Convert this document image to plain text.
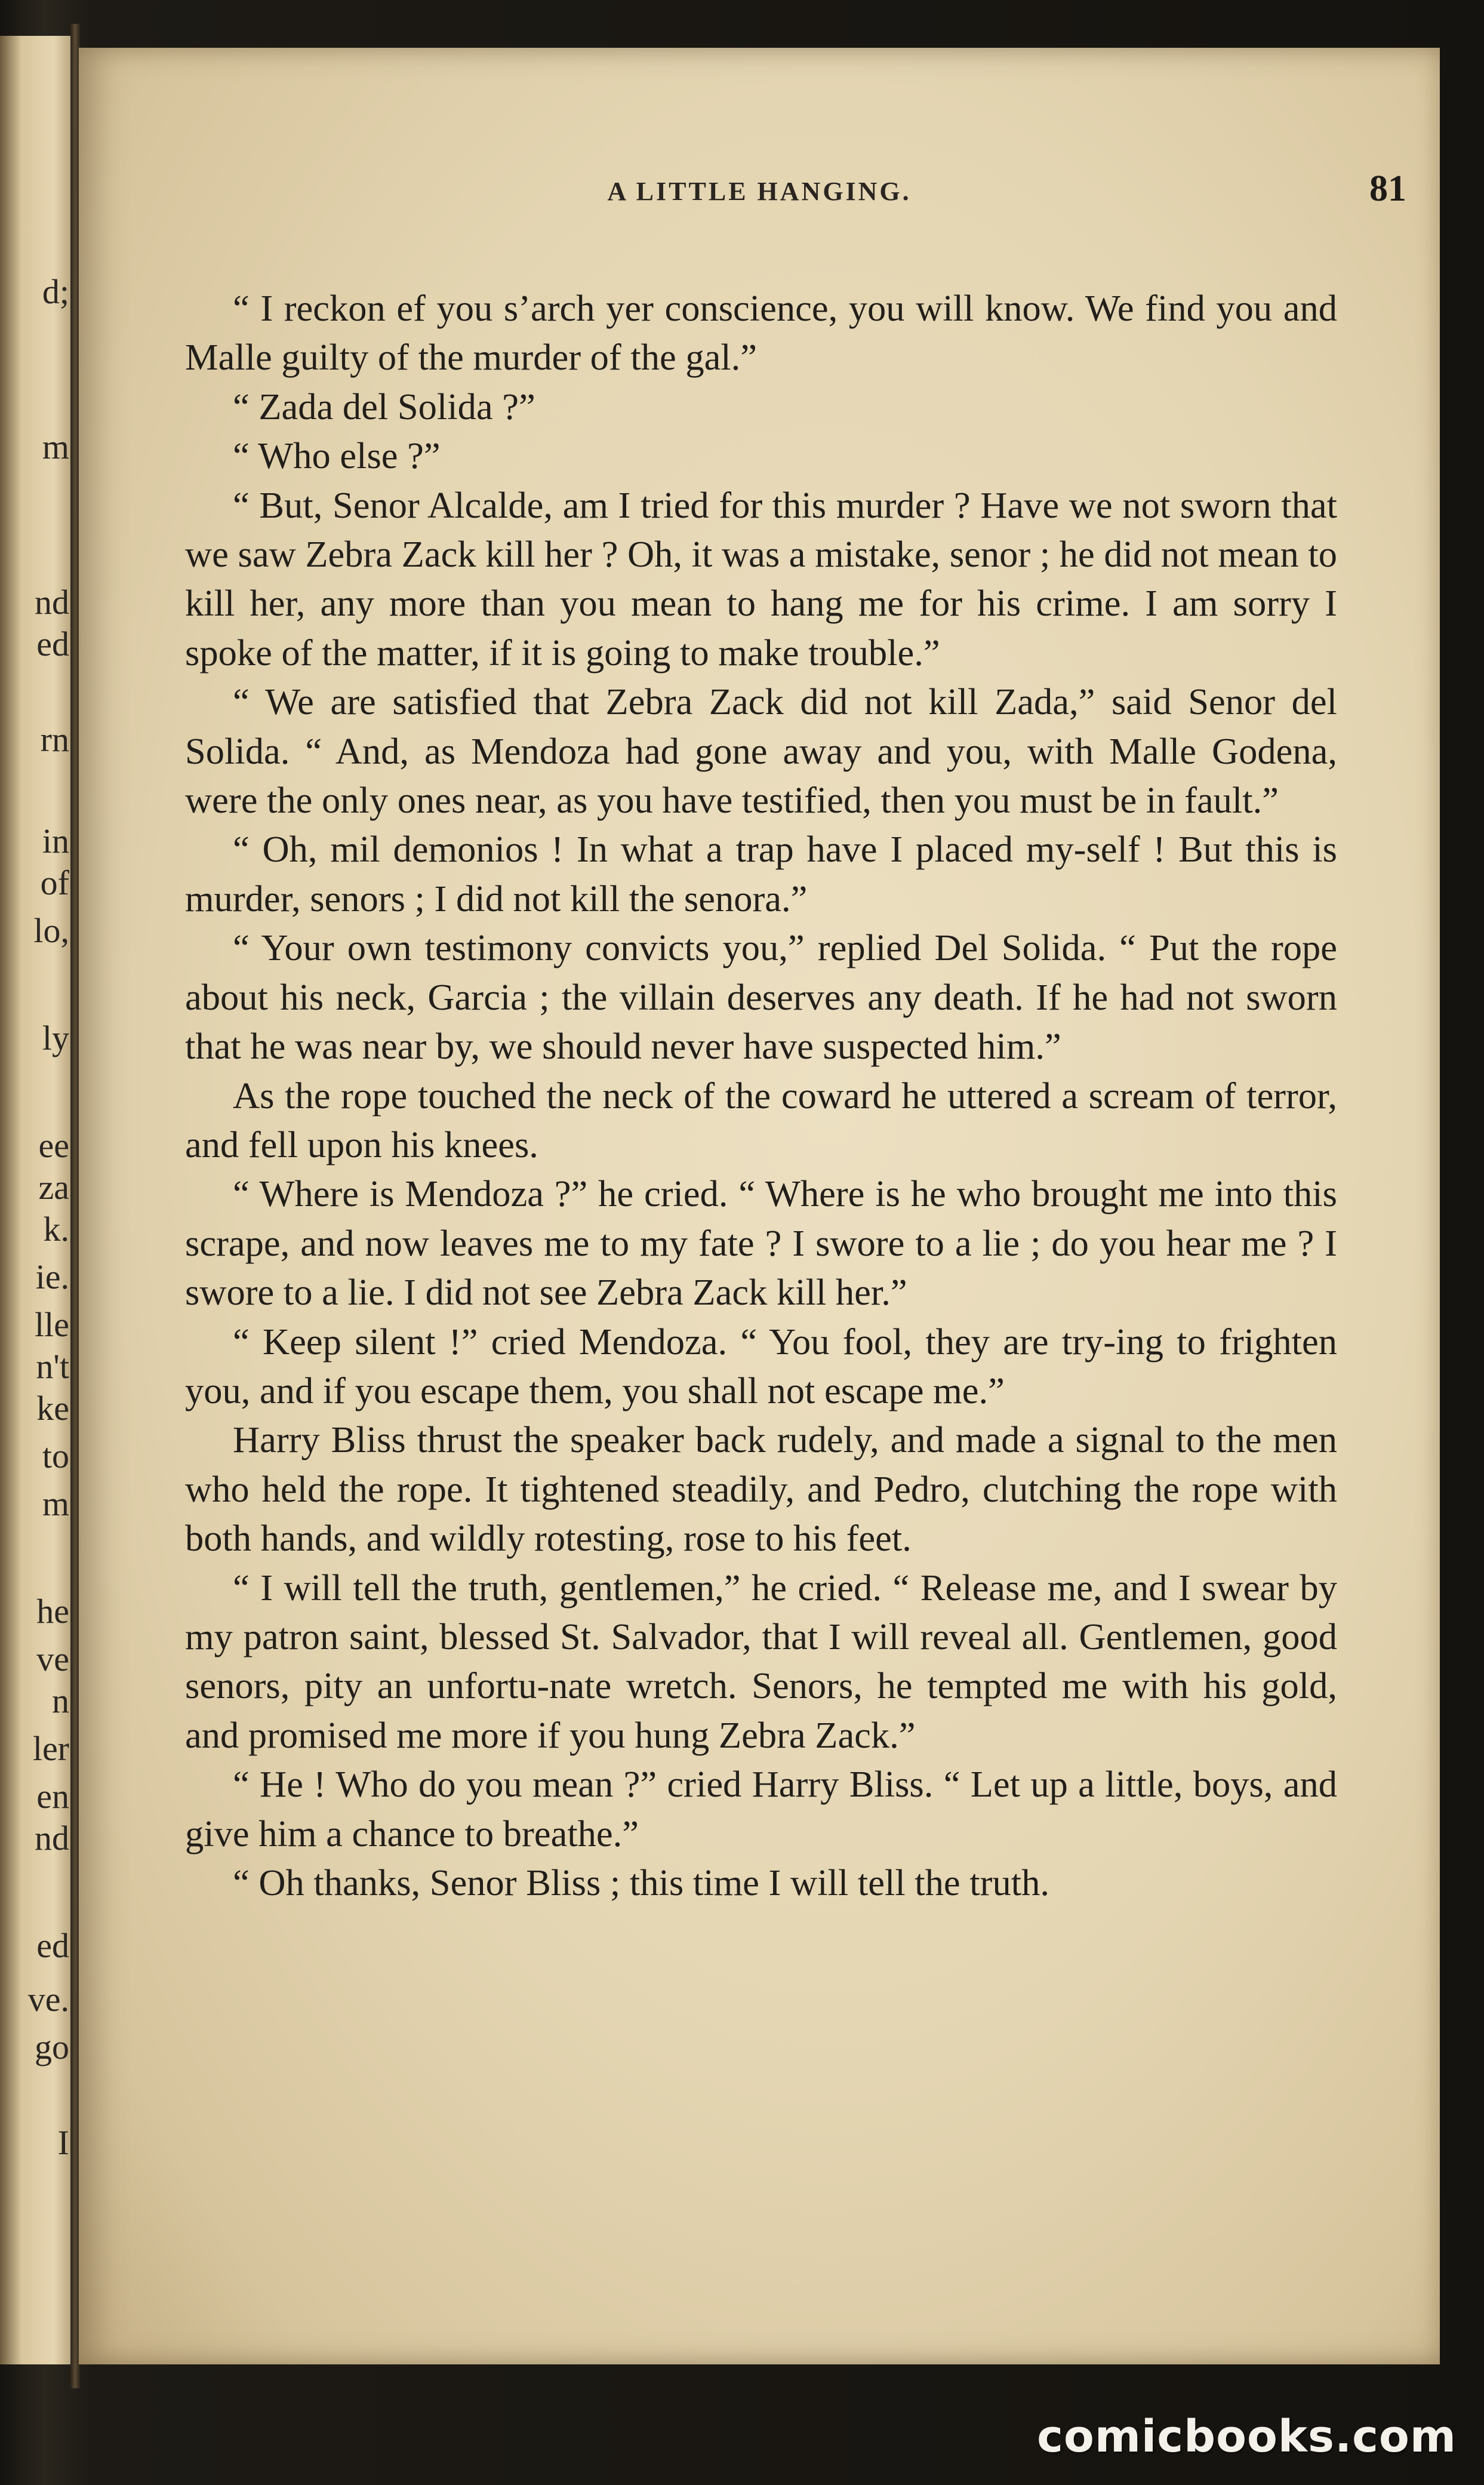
d;
m
nd
ed
rn
in
of
lo,
ly
ee
za
k.
ie.
lle
n't
ke
to
m
he
ve
n
ler
en
nd
ed
ve.
go
I
A LITTLE HANGING.	81

“ I reckon ef you s’arch yer conscience, you will know. We find you and Malle guilty of the murder of the gal.”

“ Zada del Solida ?”

“ Who else ?”

“ But, Senor Alcalde, am I tried for this murder ? Have we not sworn that we saw Zebra Zack kill her ? Oh, it was a mistake, senor ; he did not mean to kill her, any more than you mean to hang me for his crime. I am sorry I spoke of the matter, if it is going to make trouble.”

“ We are satisfied that Zebra Zack did not kill Zada,” said Senor del Solida. “ And, as Mendoza had gone away and you, with Malle Godena, were the only ones near, as you have testified, then you must be in fault.”

“ Oh, mil demonios ! In what a trap have I placed my-self ! But this is murder, senors ; I did not kill the senora.”

“ Your own testimony convicts you,” replied Del Solida. “ Put the rope about his neck, Garcia ; the villain deserves any death. If he had not sworn that he was near by, we should never have suspected him.”

As the rope touched the neck of the coward he uttered a scream of terror, and fell upon his knees.

“ Where is Mendoza ?” he cried. “ Where is he who brought me into this scrape, and now leaves me to my fate ? I swore to a lie ; do you hear me ? I swore to a lie. I did not see Zebra Zack kill her.”

“ Keep silent !” cried Mendoza. “ You fool, they are try-ing to frighten you, and if you escape them, you shall not escape me.”

Harry Bliss thrust the speaker back rudely, and made a signal to the men who held the rope. It tightened steadily, and Pedro, clutching the rope with both hands, and wildly rotesting, rose to his feet.

“ I will tell the truth, gentlemen,” he cried. “ Release me, and I swear by my patron saint, blessed St. Salvador, that I will reveal all. Gentlemen, good senors, pity an unfortu-nate wretch. Senors, he tempted me with his gold, and promised me more if you hung Zebra Zack.”

“ He ! Who do you mean ?” cried Harry Bliss. “ Let up a little, boys, and give him a chance to breathe.”

“ Oh thanks, Senor Bliss ; this time I will tell the truth.

comicbooks.com
